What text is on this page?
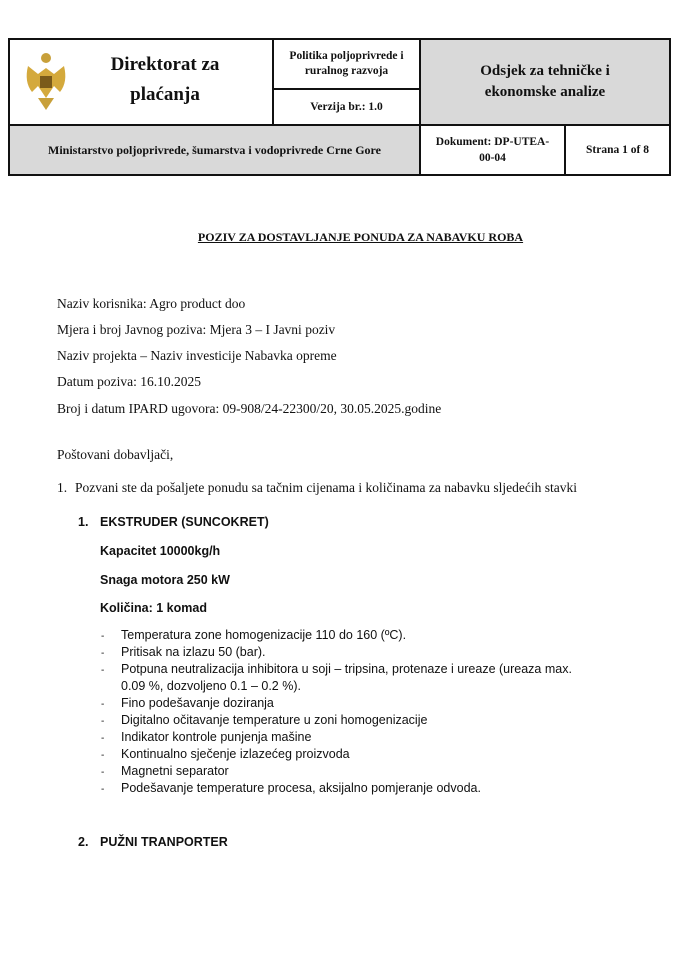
Direktorat za plaćanja
Politika poljoprivrede i ruralnog razvoja
Verzija br.: 1.0
Odsjek za tehničke i ekonomske analize
Ministarstvo poljoprivrede, šumarstva i vodoprivrede Crne Gore
Dokument: DP-UTEA-00-04
Strana 1 of 8
POZIV ZA DOSTAVLJANJE PONUDA ZA NABAVKU ROBA
Naziv korisnika: Agro product doo
Mjera i broj Javnog poziva: Mjera 3 – I Javni poziv
Naziv projekta – Naziv investicije Nabavka opreme
Datum poziva: 16.10.2025
Broj i datum IPARD ugovora: 09-908/24-22300/20, 30.05.2025.godine
Poštovani dobavljači,
1. Pozvani ste da pošaljete ponudu sa tačnim cijenama i količinama za nabavku sljedećih stavki
1. EKSTRUDER (SUNCOKRET)
Kapacitet 10000kg/h
Snaga motora 250 kW
Količina: 1 komad
- Temperatura zone homogenizacije 110 do 160 (ºC).
- Pritisak na izlazu 50 (bar).
- Potpuna neutralizacija inhibitora u soji – tripsina, protenaze i ureaze (ureaza max.
0.09 %, dozvoljeno 0.1 – 0.2 %).
- Fino podešavanje doziranja
- Digitalno očitavanje temperature u zoni homogenizacije
- Indikator kontrole punjenja mašine
- Kontinualno sječenje izlazećeg proizvoda
- Magnetni separator
- Podešavanje temperature procesa, aksijalno pomjeranje odvoda.
2. PUŽNI TRANPORTER
